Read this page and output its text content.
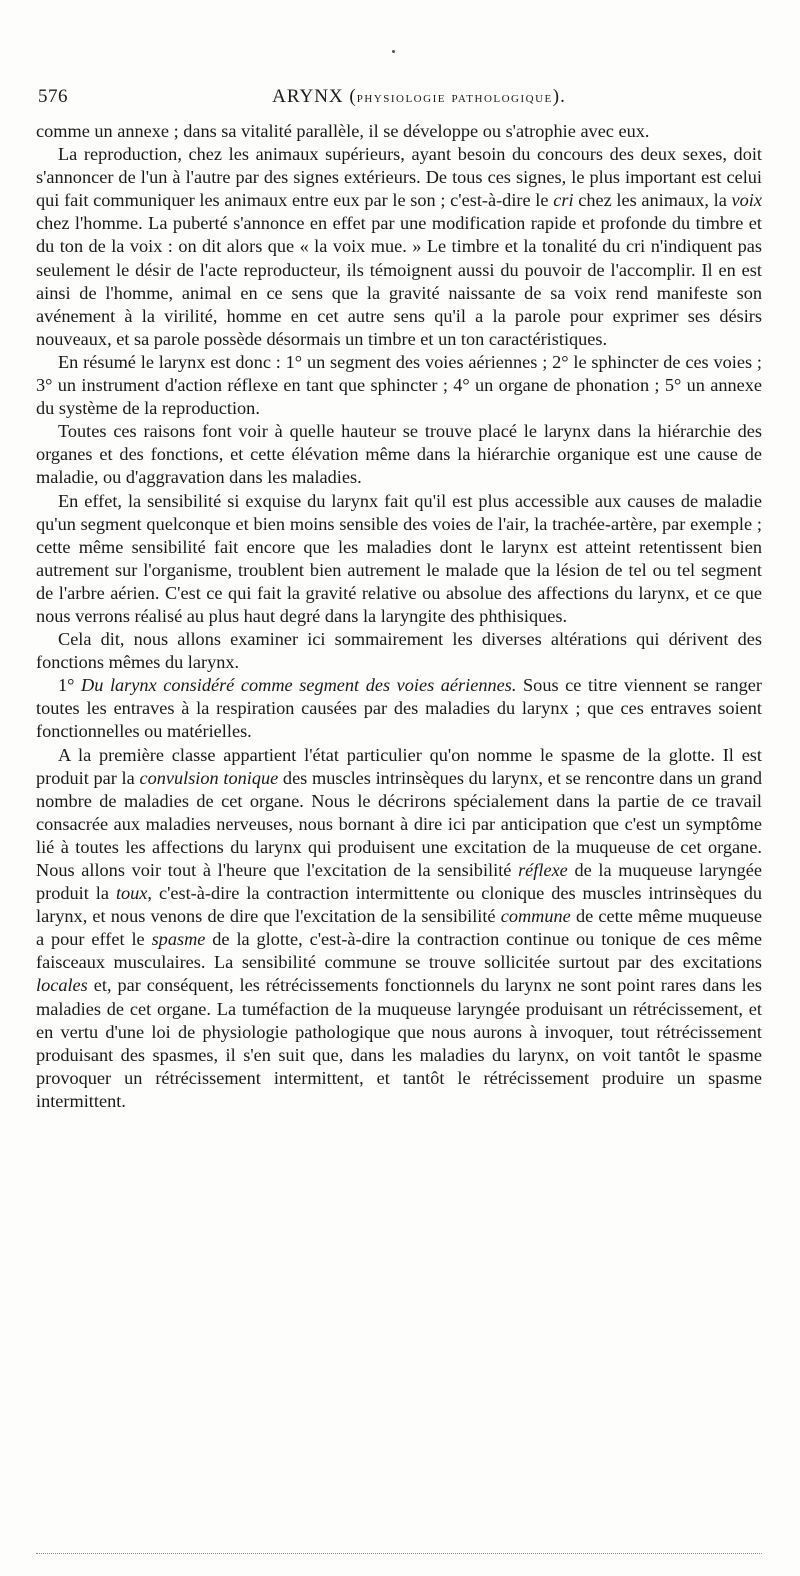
576	ARYNX (physiologie pathologique).

comme un annexe ; dans sa vitalité parallèle, il se développe ou s'atrophie avec eux.

La reproduction, chez les animaux supérieurs, ayant besoin du concours des deux sexes, doit s'annoncer de l'un à l'autre par des signes extérieurs. De tous ces signes, le plus important est celui qui fait communiquer les animaux entre eux par le son ; c'est-à-dire le cri chez les animaux, la voix chez l'homme. La puberté s'annonce en effet par une modification rapide et profonde du timbre et du ton de la voix : on dit alors que « la voix mue. » Le timbre et la tonalité du cri n'indiquent pas seulement le désir de l'acte reproducteur, ils témoignent aussi du pouvoir de l'accomplir. Il en est ainsi de l'homme, animal en ce sens que la gravité naissante de sa voix rend manifeste son avénement à la virilité, homme en cet autre sens qu'il a la parole pour exprimer ses désirs nouveaux, et sa parole possède désormais un timbre et un ton caractéristiques.

En résumé le larynx est donc : 1° un segment des voies aériennes ; 2° le sphincter de ces voies ; 3° un instrument d'action réflexe en tant que sphincter ; 4° un organe de phonation ; 5° un annexe du système de la reproduction.

Toutes ces raisons font voir à quelle hauteur se trouve placé le larynx dans la hiérarchie des organes et des fonctions, et cette élévation même dans la hiérarchie organique est une cause de maladie, ou d'aggravation dans les maladies.

En effet, la sensibilité si exquise du larynx fait qu'il est plus accessible aux causes de maladie qu'un segment quelconque et bien moins sensible des voies de l'air, la trachée-artère, par exemple ; cette même sensibilité fait encore que les maladies dont le larynx est atteint retentissent bien autrement sur l'organisme, troublent bien autrement le malade que la lésion de tel ou tel segment de l'arbre aérien. C'est ce qui fait la gravité relative ou absolue des affections du larynx, et ce que nous verrons réalisé au plus haut degré dans la laryngite des phthisiques.

Cela dit, nous allons examiner ici sommairement les diverses altérations qui dérivent des fonctions mêmes du larynx.

1° Du larynx considéré comme segment des voies aériennes. Sous ce titre viennent se ranger toutes les entraves à la respiration causées par des maladies du larynx ; que ces entraves soient fonctionnelles ou matérielles.

A la première classe appartient l'état particulier qu'on nomme le spasme de la glotte. Il est produit par la convulsion tonique des muscles intrinsèques du larynx, et se rencontre dans un grand nombre de maladies de cet organe. Nous le décrirons spécialement dans la partie de ce travail consacrée aux maladies nerveuses, nous bornant à dire ici par anticipation que c'est un symptôme lié à toutes les affections du larynx qui produisent une excitation de la muqueuse de cet organe. Nous allons voir tout à l'heure que l'excitation de la sensibilité réflexe de la muqueuse laryngée produit la toux, c'est-à-dire la contraction intermittente ou clonique des muscles intrinsèques du larynx, et nous venons de dire que l'excitation de la sensibilité commune de cette même muqueuse a pour effet le spasme de la glotte, c'est-à-dire la contraction continue ou tonique de ces même faisceaux musculaires. La sensibilité commune se trouve sollicitée surtout par des excitations locales et, par conséquent, les rétrécissements fonctionnels du larynx ne sont point rares dans les maladies de cet organe. La tuméfaction de la muqueuse laryngée produisant un rétrécissement, et en vertu d'une loi de physiologie pathologique que nous aurons à invoquer, tout rétrécissement produisant des spasmes, il s'en suit que, dans les maladies du larynx, on voit tantôt le spasme provoquer un rétrécissement intermittent, et tantôt le rétrécissement produire un spasme intermittent.
